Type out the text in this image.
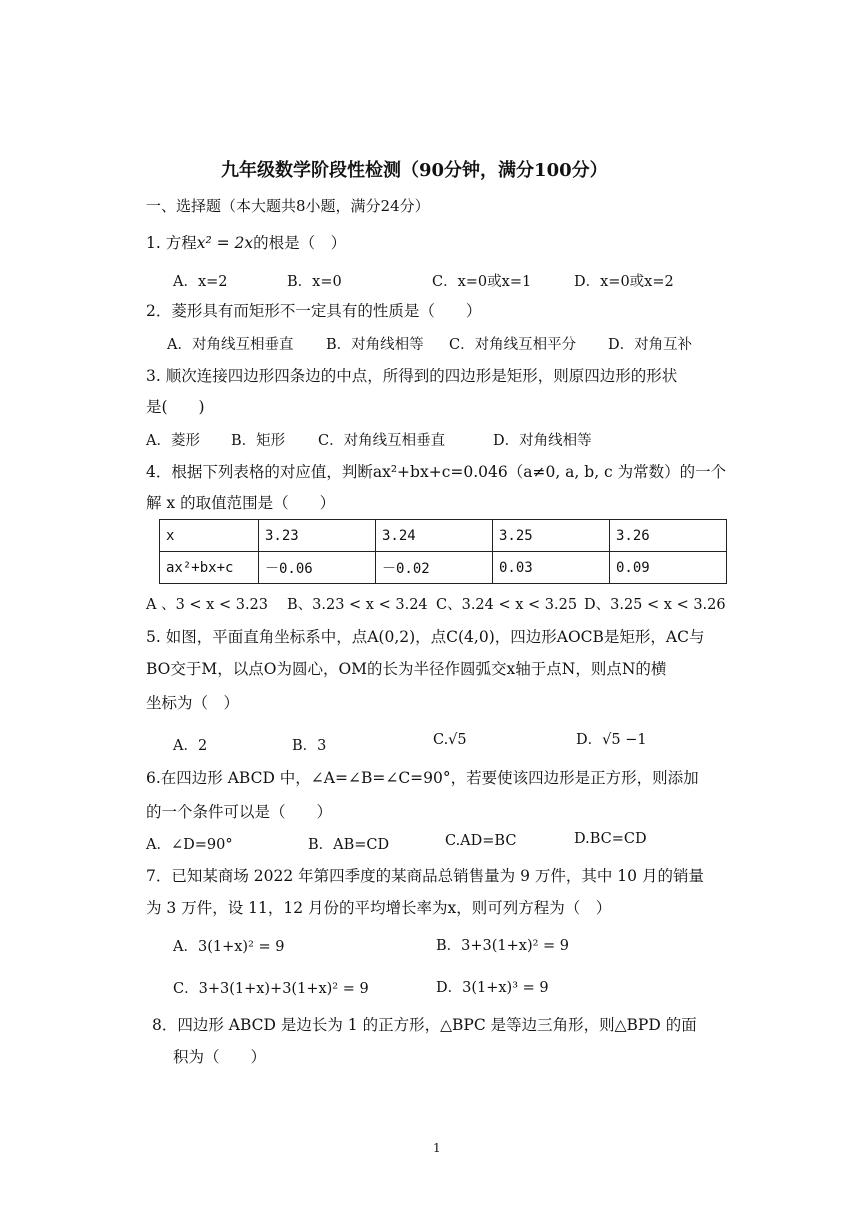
九年级数学阶段性检测（90分钟，满分100分）
一、选择题（本大题共8小题，满分24分）
1. 方程x² = 2x的根是（　）
A．x=2	B．x=0	C．x=0或x=1	D．x=0或x=2
2．菱形具有而矩形不一定具有的性质是（　　）
A．对角线互相垂直 B．对角线相等 C．对角线互相平分 D．对角互补
3. 顺次连接四边形四条边的中点，所得到的四边形是矩形，则原四边形的形状
是(　　)
A．菱形 B．矩形 C．对角线互相垂直	D．对角线相等
4．根据下列表格的对应值，判断ax²+bx+c=0.046（a≠0, a, b, c 为常数）的一个
解 x 的取值范围是（　　）
x	3.23	3.24	3.25	3.26
ax²+bx+c	－0.06	－0.02	0.03	0.09
A 、3 < x < 3.23 B、3.23 < x < 3.24 C、3.24 < x < 3.25 D、3.25 < x < 3.26
5. 如图，平面直角坐标系中，点A(0,2)，点C(4,0)，四边形AOCB是矩形，AC与
BO交于M，以点O为圆心，OM的长为半径作圆弧交x轴于点N，则点N的横
坐标为（　）
A．2	B．3	C.√5	D．√5 −1
6.在四边形 ABCD 中，∠A=∠B=∠C=90°，若要使该四边形是正方形，则添加
的一个条件可以是（　　）
A．∠D=90°	B．AB=CD	C.AD=BC	D.BC=CD
7．已知某商场 2022 年第四季度的某商品总销售量为 9 万件，其中 10 月的销量
为 3 万件，设 11，12 月份的平均增长率为x，则可列方程为（　）
A．3(1+x)² = 9	B．3+3(1+x)² = 9
C．3+3(1+x)+3(1+x)² = 9	D．3(1+x)³ = 9
8．四边形 ABCD 是边长为 1 的正方形，△BPC 是等边三角形，则△BPD 的面
积为（　　）
1
